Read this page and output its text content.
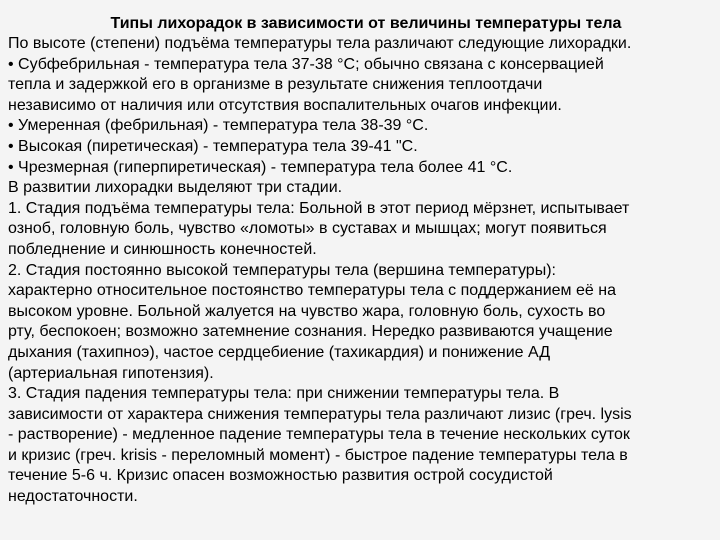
Типы лихорадок в зависимости от величины температуры тела
По высоте (степени) подъёма температуры тела различают следующие лихорадки.
• Субфебрильная - температура тела 37-38 °С; обычно связана с консервацией
тепла и задержкой его в организме в результате снижения теплоотдачи
независимо от наличия или отсутствия воспалительных очагов инфекции.
• Умеренная (фебрильная) - температура тела 38-39 °С.
• Высокая (пиретическая) - температура тела 39-41 "С.
• Чрезмерная (гиперпиретическая) - температура тела более 41 °С.
В развитии лихорадки выделяют три стадии.
1. Стадия подъёма температуры тела: Больной в этот период мёрзнет, испытывает
озноб, головную боль, чувство «ломоты» в суставах и мышцах; могут появиться
побледнение и синюшность конечностей.
2. Стадия постоянно высокой температуры тела (вершина температуры):
характерно относительное постоянство температуры тела с поддержанием её на
высоком уровне. Больной жалуется на чувство жара, головную боль, сухость во
рту, беспокоен; возможно затемнение сознания. Нередко развиваются учащение
дыхания (тахипноэ), частое сердцебиение (тахикардия) и понижение АД
(артериальная гипотензия).
3. Стадия падения температуры тела: при снижении температуры тела. В
зависимости от характера снижения температуры тела различают лизис (греч. lysis
- растворение) - медленное падение температуры тела в течение нескольких суток
и кризис (греч. krisis - переломный момент) - быстрое падение температуры тела в
течение 5-6 ч. Кризис опасен возможностью развития острой сосудистой
недостаточности.
